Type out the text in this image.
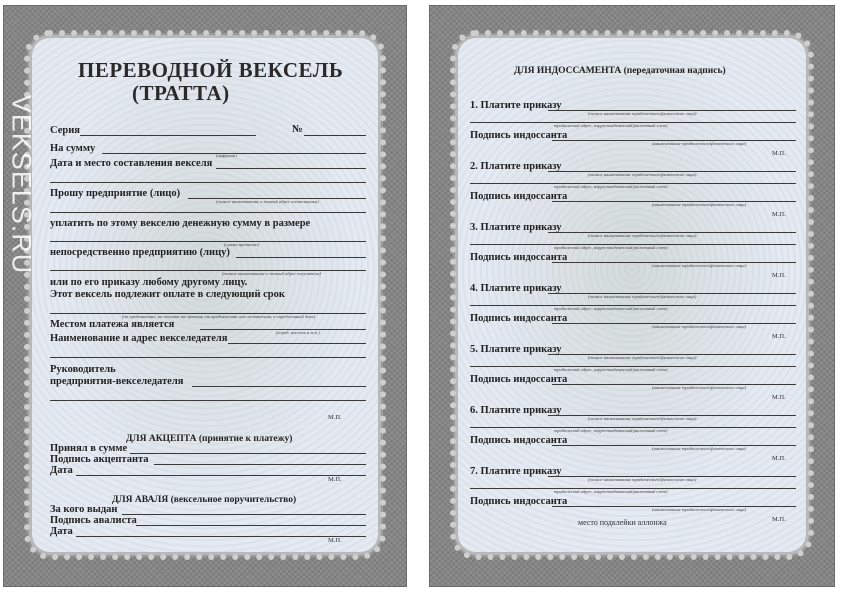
VEKSELS.RU
ПЕРЕВОДНОЙ ВЕКСЕЛЬ
(ТРАТТА)
Серия	№
На сумму
(цифрами)
Дата и место составления векселя
Прошу предприятие (лицо)
(полное наименование и полный адрес плательщика)
уплатить по этому векселю денежную сумму в размере
(сумма прописью)
непосредственно предприятию (лицу)
(полное наименование и полный адрес получателя)
или по его приказу любому другому лицу.
Этот вексель подлежит оплате в следующий срок
(по предъявлении, во столько-то времени от предъявления или составления, в определенный день)
Местом платежа является
(город, поселок и т.п.)
Наименование и адрес векселедателя
Руководитель
предприятия-векселедателя
М.П.
ДЛЯ АКЦЕПТА (принятие к платежу)
Принял в сумме
Подпись акцептанта
Дата
М.П.
ДЛЯ АВАЛЯ (вексельное поручительство)
За кого выдан
Подпись авалиста
Дата
М.П.
ДЛЯ ИНДОССАМЕНТА (передаточная надпись)
1. Платите приказу
(полное наименование юридического/физического лица)
юридический адрес, корреспондентский/расчетный счет)
Подпись индоссанта
(наименование юридического/физического лица)
М.П.
2. Платите приказу
(полное наименование юридического/физического лица)
юридический адрес, корреспондентский/расчетный счет)
Подпись индоссанта
(наименование юридического/физического лица)
М.П.
3. Платите приказу
(полное наименование юридического/физического лица)
юридический адрес, корреспондентский/расчетный счет)
Подпись индоссанта
(наименование юридического/физического лица)
М.П.
4. Платите приказу
(полное наименование юридического/физического лица)
юридический адрес, корреспондентский/расчетный счет)
Подпись индоссанта
(наименование юридического/физического лица)
М.П.
5. Платите приказу
(полное наименование юридического/физического лица)
юридический адрес, корреспондентский/расчетный счет)
Подпись индоссанта
(наименование юридического/физического лица)
М.П.
6. Платите приказу
(полное наименование юридического/физического лица)
юридический адрес, корреспондентский/расчетный счет)
Подпись индоссанта
(наименование юридического/физического лица)
М.П.
7. Платите приказу
(полное наименование юридического/физического лица)
юридический адрес, корреспондентский/расчетный счет)
Подпись индоссанта
(наименование юридического/физического лица)
М.П.
место подклейки аллонжа
